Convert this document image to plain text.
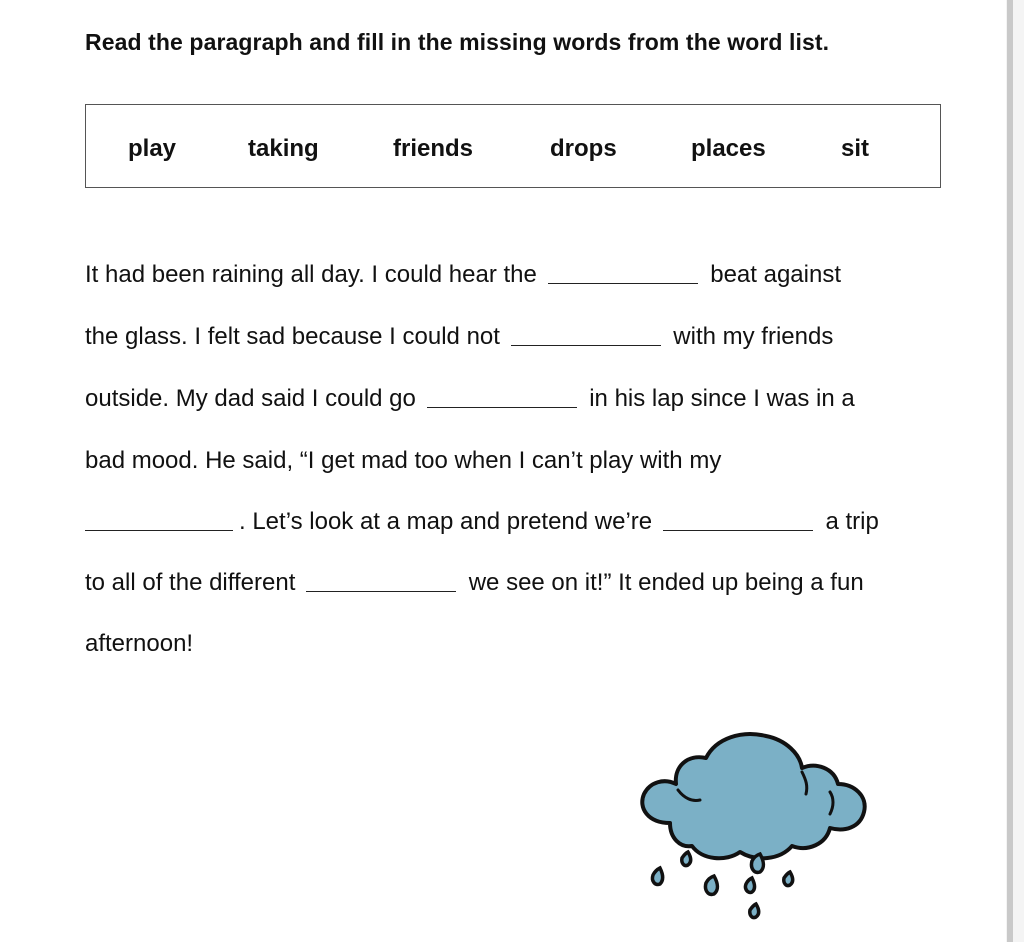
Read the paragraph and fill in the missing words from the word list.
play	taking	friends	drops	places	sit
It had been raining all day. I could hear the	beat against
the glass. I felt sad because I could not	with my friends
outside. My dad said I could go	in his lap since I was in a
bad mood. He said, “I get mad too when I can’t play with my
. Let’s look at a map and pretend we’re	a trip
to all of the different	we see on it!” It ended up being a fun
afternoon!
